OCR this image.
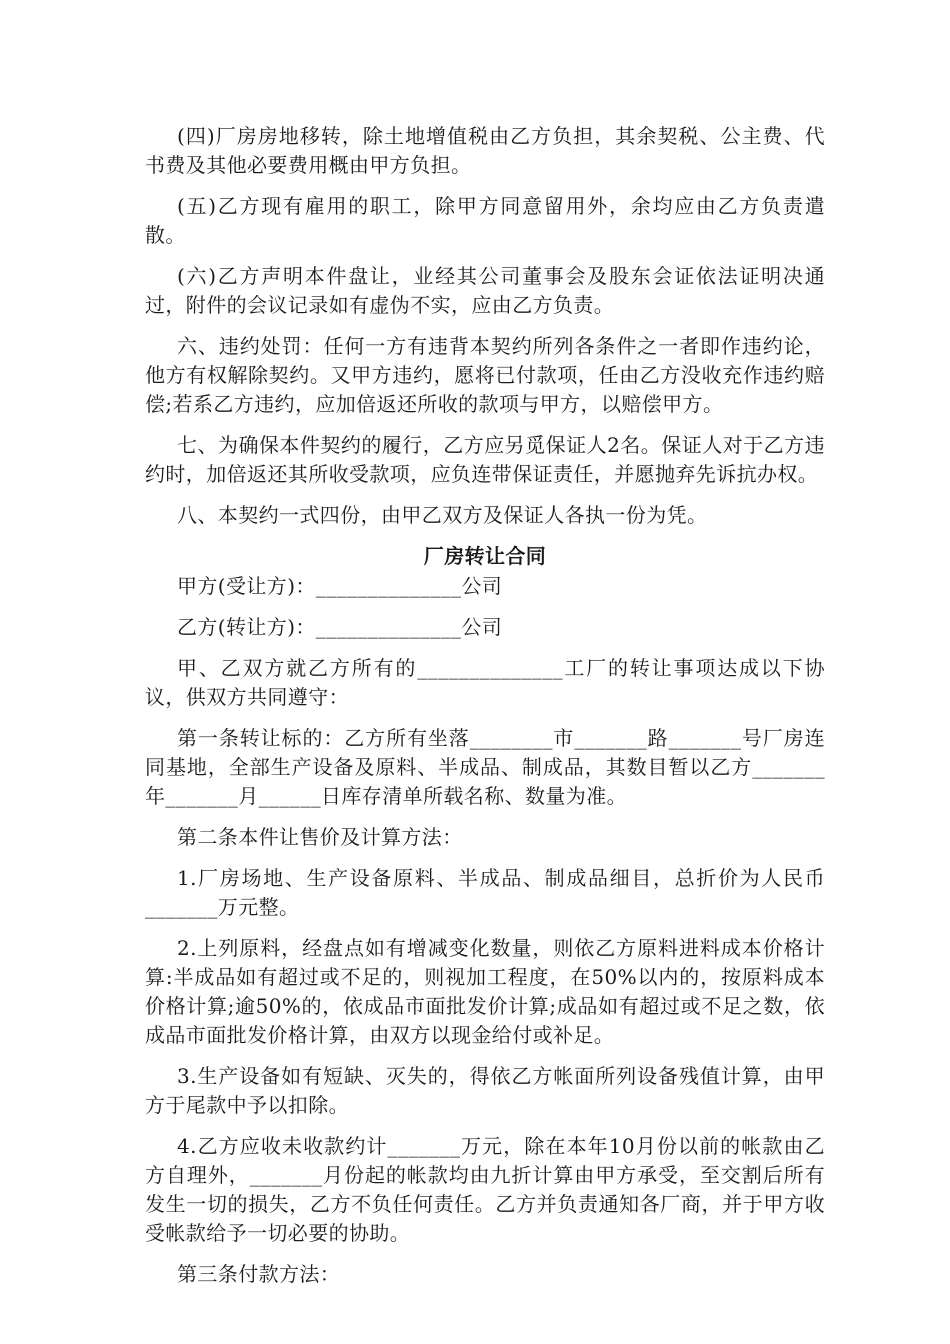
(四)厂房房地移转，除土地增值税由乙方负担，其余契税、公主费、代书费及其他必要费用概由甲方负担。

(五)乙方现有雇用的职工，除甲方同意留用外，余均应由乙方负责遣散。

(六)乙方声明本件盘让，业经其公司董事会及股东会证依法证明决通过，附件的会议记录如有虚伪不实，应由乙方负责。

六、违约处罚：任何一方有违背本契约所列各条件之一者即作违约论，他方有权解除契约。又甲方违约，愿将已付款项，任由乙方没收充作违约赔偿;若系乙方违约，应加倍返还所收的款项与甲方，以赔偿甲方。

七、为确保本件契约的履行，乙方应另觅保证人2名。保证人对于乙方违约时，加倍返还其所收受款项，应负连带保证责任，并愿抛弃先诉抗办权。

八、本契约一式四份，由甲乙双方及保证人各执一份为凭。

厂房转让合同

甲方(受让方)：______________公司

乙方(转让方)：______________公司

甲、乙双方就乙方所有的______________工厂的转让事项达成以下协议，供双方共同遵守：

第一条转让标的：乙方所有坐落________市_______路_______号厂房连同基地，全部生产设备及原料、半成品、制成品，其数目暂以乙方_______年_______月______日库存清单所载名称、数量为准。

第二条本件让售价及计算方法：

1.厂房场地、生产设备原料、半成品、制成品细目，总折价为人民币_______万元整。

2.上列原料，经盘点如有增减变化数量，则依乙方原料进料成本价格计算:半成品如有超过或不足的，则视加工程度，在50%以内的，按原料成本价格计算;逾50%的，依成品市面批发价计算;成品如有超过或不足之数，依成品市面批发价格计算，由双方以现金给付或补足。

3.生产设备如有短缺、灭失的，得依乙方帐面所列设备残值计算，由甲方于尾款中予以扣除。

4.乙方应收未收款约计_______万元，除在本年10月份以前的帐款由乙方自理外，_______月份起的帐款均由九折计算由甲方承受，至交割后所有发生一切的损失，乙方不负任何责任。乙方并负责通知各厂商，并于甲方收受帐款给予一切必要的协助。

第三条付款方法：
